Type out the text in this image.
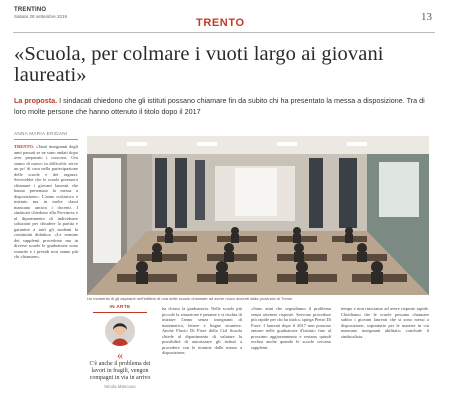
TRENTINO
Sabato 28 settembre 2019
TRENTO	13
«Scuola, per colmare i vuoti largo ai giovani laureati»
La proposta. I sindacati chiedono che gli istituti possano chiamare fin da subito chi ha presentato la messa a disposizione. Tra di loro molte persone che hanno ottenuto il titolo dopo il 2017
ANNA MARIA ERIDANI
TRENTO. «Tanti insegnanti degli anni passati se ne sono andati dopo aver preparato i concorsi. Ora siamo di nuovo in difficoltà: serve un po' di cura nella partecipazione delle scuole e dei ragazzi. Servirebbe che le scuole potessero chiamare i giovani laureati che hanno presentato la messa a disposizione». L'anno scolastico è iniziato ma in molte classi mancano ancora i docenti. I sindacati chiedono alla Provincia e al dipartimento di individuare soluzioni per chiudere la partita e garantire a tutti gli studenti la continuità didattica. «Le nomine dei supplenti procedono ma in diverse scuole le graduatorie sono esaurite e i presidi non sanno più chi chiamare».
Un momento di gli aspiranti nell'edificio di una delle scuole chiamate ad avere nuovi docenti dalla provincia di Trento
IN ARTE
«
C'è anche il problema dei lavori in fragili, vengon compagni in via in arrivo
Nicola Mancuso
ha chiuso la graduatoria. Nelle scuole più piccole la situazione è pesante e si rischia di iniziare l'anno senza insegnanti di matematica, lettere e lingue straniere. Anche Flavio Di Fiore della Cisl Scuola chiede al dipartimento di valutare la possibilità di autorizzare gli istituti a procedere con le nomine dalle messe a disposizione.
«Sono anni che segnaliamo il problema senza ottenere risposte. Servono procedure più rapide per chi ha titolo» spiega Pietro Di Fiore. I laureati dopo il 2017 non possono entrare nelle graduatorie d'istituto fino al prossimo aggiornamento e restano quindi esclusi anche quando le scuole cercano supplenti.
tempo e non riusciamo ad avere risposte rapide. Chiediamo che le scuole possano chiamare subito i giovani laureati che si sono messi a disposizione, soprattutto per le materie in cui mancano insegnanti abilitati» conclude il sindacalista.
